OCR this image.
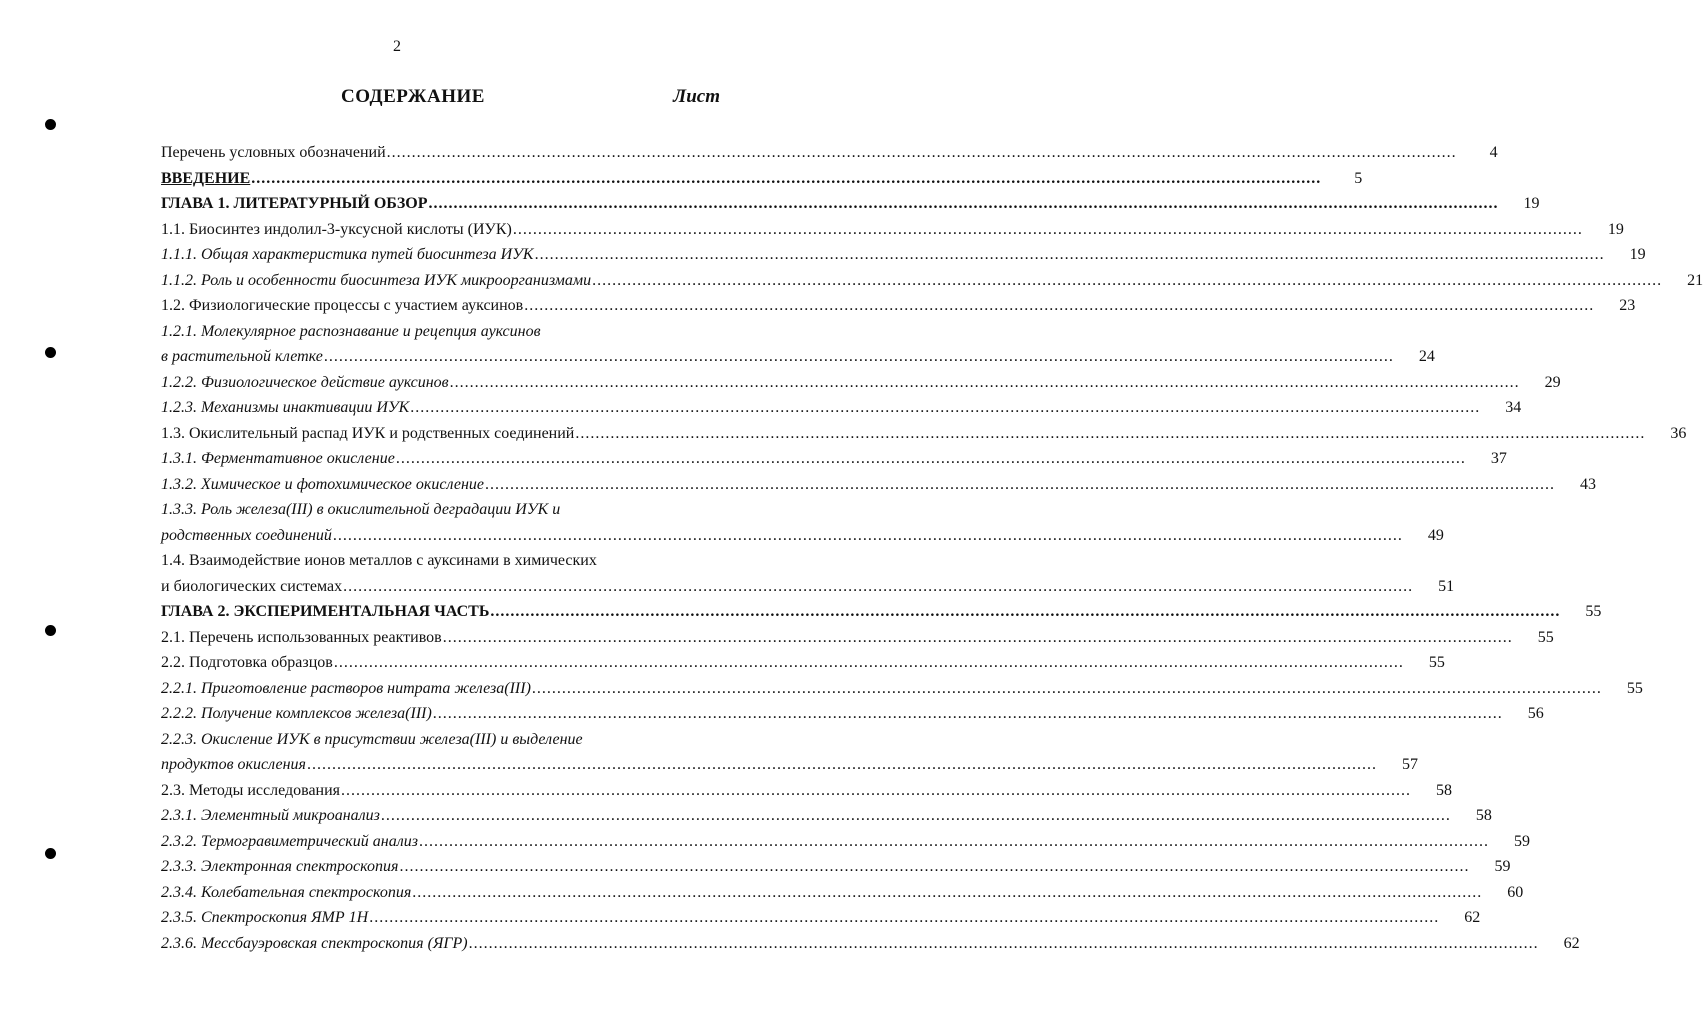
2
СОДЕРЖАНИЕ	Лист
Перечень условных обозначений .....	4
ВВЕДЕНИЕ .....	5
ГЛАВА 1. ЛИТЕРАТУРНЫЙ ОБЗОР .....	19
1.1. Биосинтез индолил-3-уксусной кислоты (ИУК) .....	19
1.1.1. Общая характеристика путей биосинтеза ИУК .....	19
1.1.2. Роль и особенности биосинтеза ИУК микроорганизмами .....	21
1.2. Физиологические процессы с участием ауксинов .....	23
1.2.1. Молекулярное распознавание и рецепция ауксинов
в растительной клетке .....	24
1.2.2. Физиологическое действие ауксинов .....	29
1.2.3. Механизмы инактивации ИУК .....	34
1.3. Окислительный распад ИУК и родственных соединений .....	36
1.3.1. Ферментативное окисление .....	37
1.3.2. Химическое и фотохимическое окисление .....	43
1.3.3. Роль железа(III) в окислительной деградации ИУК и
родственных соединений .....	49
1.4. Взаимодействие ионов металлов с ауксинами в химических
и биологических системах .....	51
ГЛАВА 2. ЭКСПЕРИМЕНТАЛЬНАЯ ЧАСТЬ .....	55
2.1. Перечень использованных реактивов .....	55
2.2. Подготовка образцов .....	55
2.2.1. Приготовление растворов нитрата железа(III) .....	55
2.2.2. Получение комплексов железа(III) .....	56
2.2.3. Окисление ИУК в присутствии железа(III) и выделение
продуктов окисления .....	57
2.3. Методы исследования .....	58
2.3.1. Элементный микроанализ .....	58
2.3.2. Термогравиметрический анализ .....	59
2.3.3. Электронная спектроскопия .....	59
2.3.4. Колебательная спектроскопия .....	60
2.3.5. Спектроскопия ЯМР 1H .....	62
2.3.6. Мессбауэровская спектроскопия (ЯГР) .....	62
